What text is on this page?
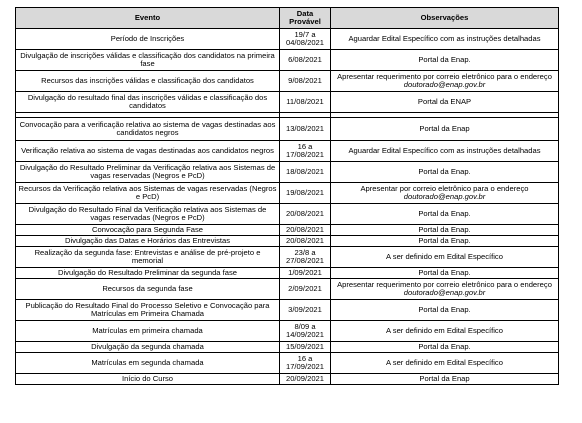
Evento	Data Provável	Observações
Período de Inscrições	19/7 a 04/08/2021	Aguardar Edital Específico com as instruções detalhadas
Divulgação de inscrições válidas e classificação dos candidatos na primeira fase	6/08/2021	Portal da Enap.
Recursos das inscrições válidas e classificação dos candidatos	9/08/2021	Apresentar requerimento por correio eletrônico para o endereço doutorado@enap.gov.br
Divulgação do resultado final das inscrições válidas e classificação dos candidatos	11/08/2021	Portal da ENAP

Convocação para a verificação relativa ao sistema de vagas destinadas aos candidatos negros	13/08/2021	Portal da Enap
Verificação relativa ao sistema de vagas destinadas aos candidatos negros	16 a 17/08/2021	Aguardar Edital Específico com as instruções detalhadas
Divulgação do Resultado Preliminar da Verificação relativa aos Sistemas de vagas reservadas (Negros e PcD)	18/08/2021	Portal da Enap.
Recursos da Verificação relativa aos Sistemas de vagas reservadas (Negros e PcD)	19/08/2021	Apresentar por correio eletrônico para o endereço doutorado@enap.gov.br
Divulgação do Resultado Final da Verificação relativa aos Sistemas de vagas reservadas (Negros e PcD)	20/08/2021	Portal da Enap.
Convocação para Segunda Fase	20/08/2021	Portal da Enap.
Divulgação das Datas e Horários das Entrevistas	20/08/2021	Portal da Enap.
Realização da segunda fase: Entrevistas e análise de pré-projeto e memorial	23/8 a 27/08/2021	A ser definido em Edital Específico
Divulgação do Resultado Preliminar da segunda fase	1/09/2021	Portal da Enap.
Recursos da segunda fase	2/09/2021	Apresentar requerimento por correio eletrônico para o endereço doutorado@enap.gov.br
Publicação do Resultado Final do Processo Seletivo e Convocação para Matrículas em Primeira Chamada	3/09/2021	Portal da Enap.
Matrículas em primeira chamada	8/09 a 14/09/2021	A ser definido em Edital Específico
Divulgação da segunda chamada	15/09/2021	Portal da Enap.
Matrículas em segunda chamada	16 a 17/09/2021	A ser definido em Edital Específico
Início do Curso	20/09/2021	Portal da Enap
